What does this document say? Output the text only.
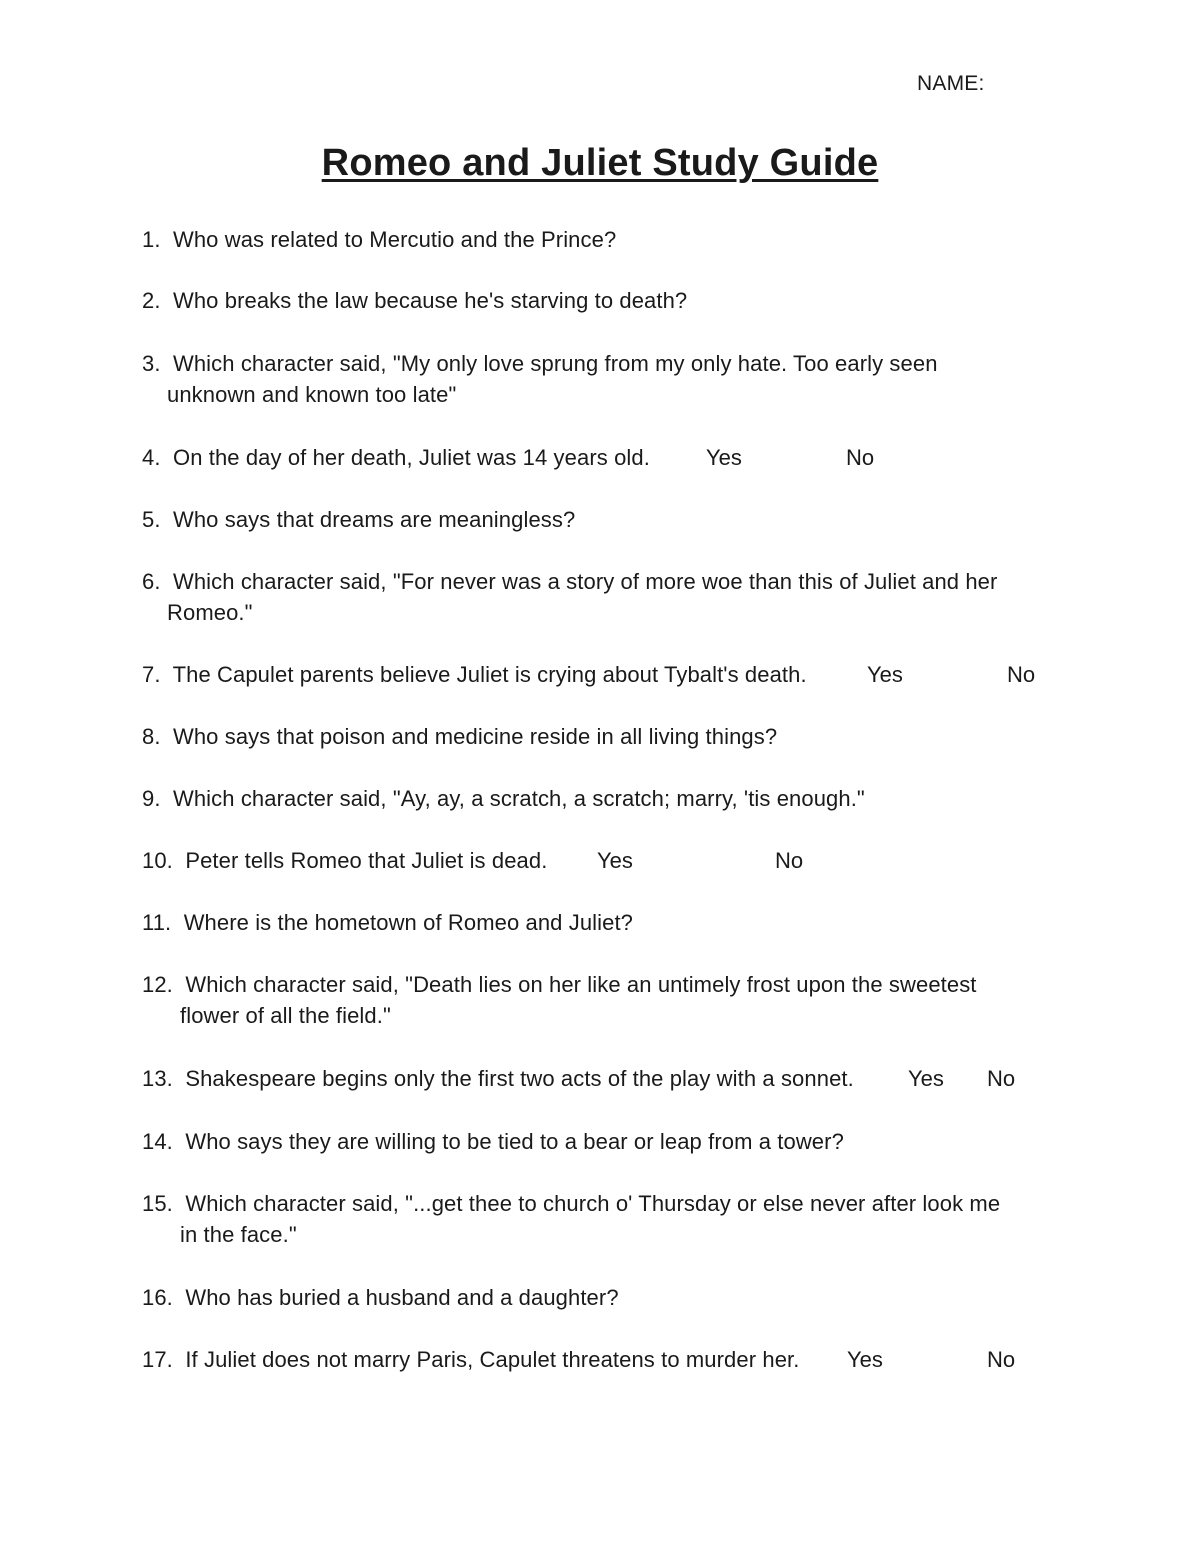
NAME:
Romeo and Juliet Study Guide
1.  Who was related to Mercutio and the Prince?
2.  Who breaks the law because he's starving to death?
3.  Which character said, "My only love sprung from my only hate. Too early seen
unknown and known too late"
4.  On the day of her death, Juliet was 14 years old.	Yes	No
5.  Who says that dreams are meaningless?
6.  Which character said, "For never was a story of more woe than this of Juliet and her
Romeo."
7.  The Capulet parents believe Juliet is crying about Tybalt's death.	Yes	No
8.  Who says that poison and medicine reside in all living things?
9.  Which character said, "Ay, ay, a scratch, a scratch; marry, 'tis enough."
10.  Peter tells Romeo that Juliet is dead. Yes	No
11.  Where is the hometown of Romeo and Juliet?
12.  Which character said, "Death lies on her like an untimely frost upon the sweetest
flower of all the field."
13.  Shakespeare begins only the first two acts of the play with a sonnet. Yes No
14.  Who says they are willing to be tied to a bear or leap from a tower?
15.  Which character said, "...get thee to church o' Thursday or else never after look me
in the face."
16.  Who has buried a husband and a daughter?
17.  If Juliet does not marry Paris, Capulet threatens to murder her. Yes	No
